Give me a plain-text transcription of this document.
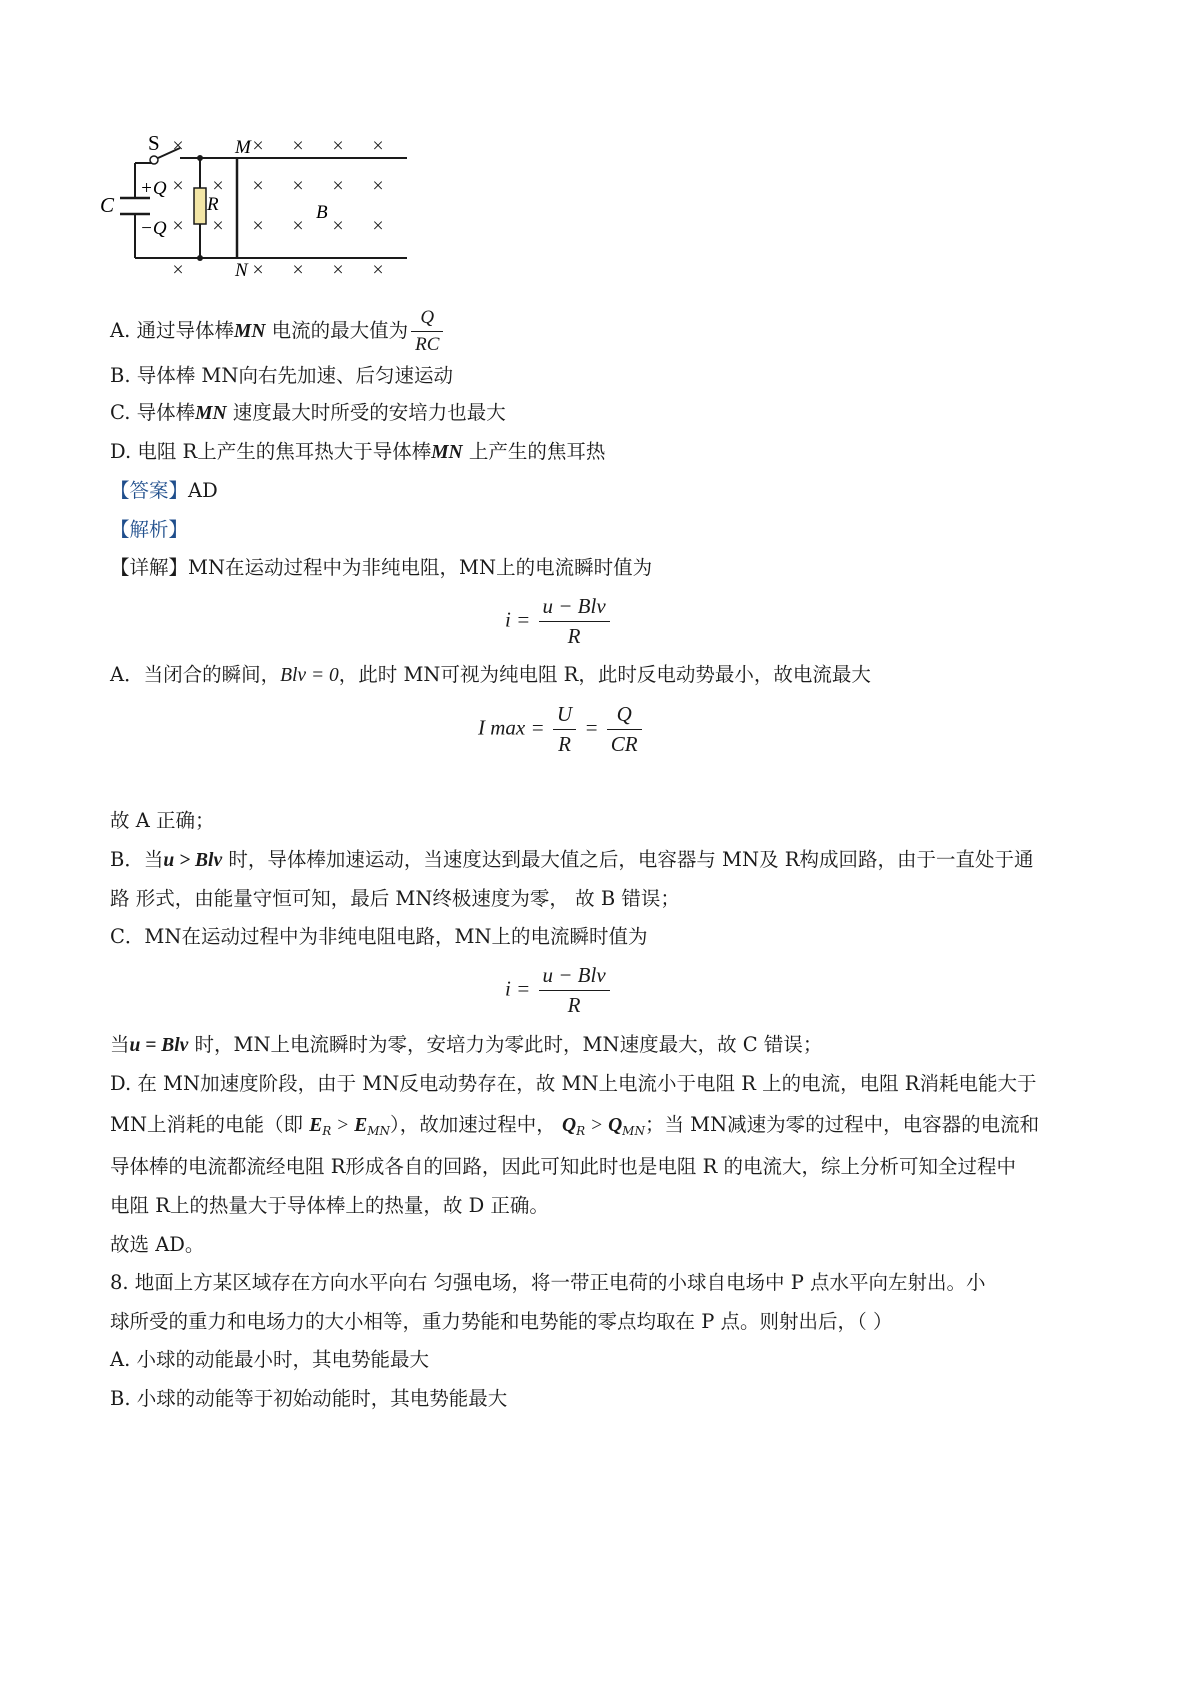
S
+Q
−Q
C	R
M
N
B
×	× × × ×
× × × × × ×
× × × × × ×
×	× × × ×
A. 通过导体棒MN 电流的最大值为 $\frac{Q}{RC}$
B. 导体棒 MN向右先加速、后匀速运动
C. 导体棒MN 速度最大时所受的安培力也最大
D. 电阻 R上产生的焦耳热大于导体棒MN 上产生的焦耳热
【答案】AD
【解析】
【详解】MN在运动过程中为非纯电阻，MN上的电流瞬时值为
$i = \frac{\text{u − Blv}}{R}$
A．当闭合的瞬间，Blv = 0，此时 MN可视为纯电阻 R，此时反电动势最小，故电流最大
I $\max = \frac{U}{R} = \frac{Q}{CR}$
故 A 正确；
B．当u > Blv 时，导体棒加速运动，当速度达到最大值之后，电容器与 MN及 R构成回路，由于一直处于通
路 形式，由能量守恒可知，最后 MN终极速度为零， 故 B 错误；
C．MN在运动过程中为非纯电阻电路，MN上的电流瞬时值为
$i = \frac{\text{u − Blv}}{R}$
当u = Blv 时，MN上电流瞬时为零，安培力为零此时，MN速度最大，故 C 错误；
D. 在 MN加速度阶段，由于 MN反电动势存在，故 MN上电流小于电阻 R 上的电流，电阻 R消耗电能大于
MN上消耗的电能（即 $E_R > E_{MN}$），故加速过程中， $Q_R > Q_{MN}$；当 MN减速为零的过程中，电容器的电流和
导体棒的电流都流经电阻 R形成各自的回路，因此可知此时也是电阻 R 的电流大，综上分析可知全过程中
电阻 R上的热量大于导体棒上的热量，故 D 正确。
故选 AD。
8. 地面上方某区域存在方向水平向右 匀强电场，将一带正电荷的小球自电场中 P 点水平向左射出。小
球所受的重力和电场力的大小相等，重力势能和电势能的零点均取在 P 点。则射出后，（ ）
A. 小球的动能最小时，其电势能最大
B. 小球的动能等于初始动能时，其电势能最大
